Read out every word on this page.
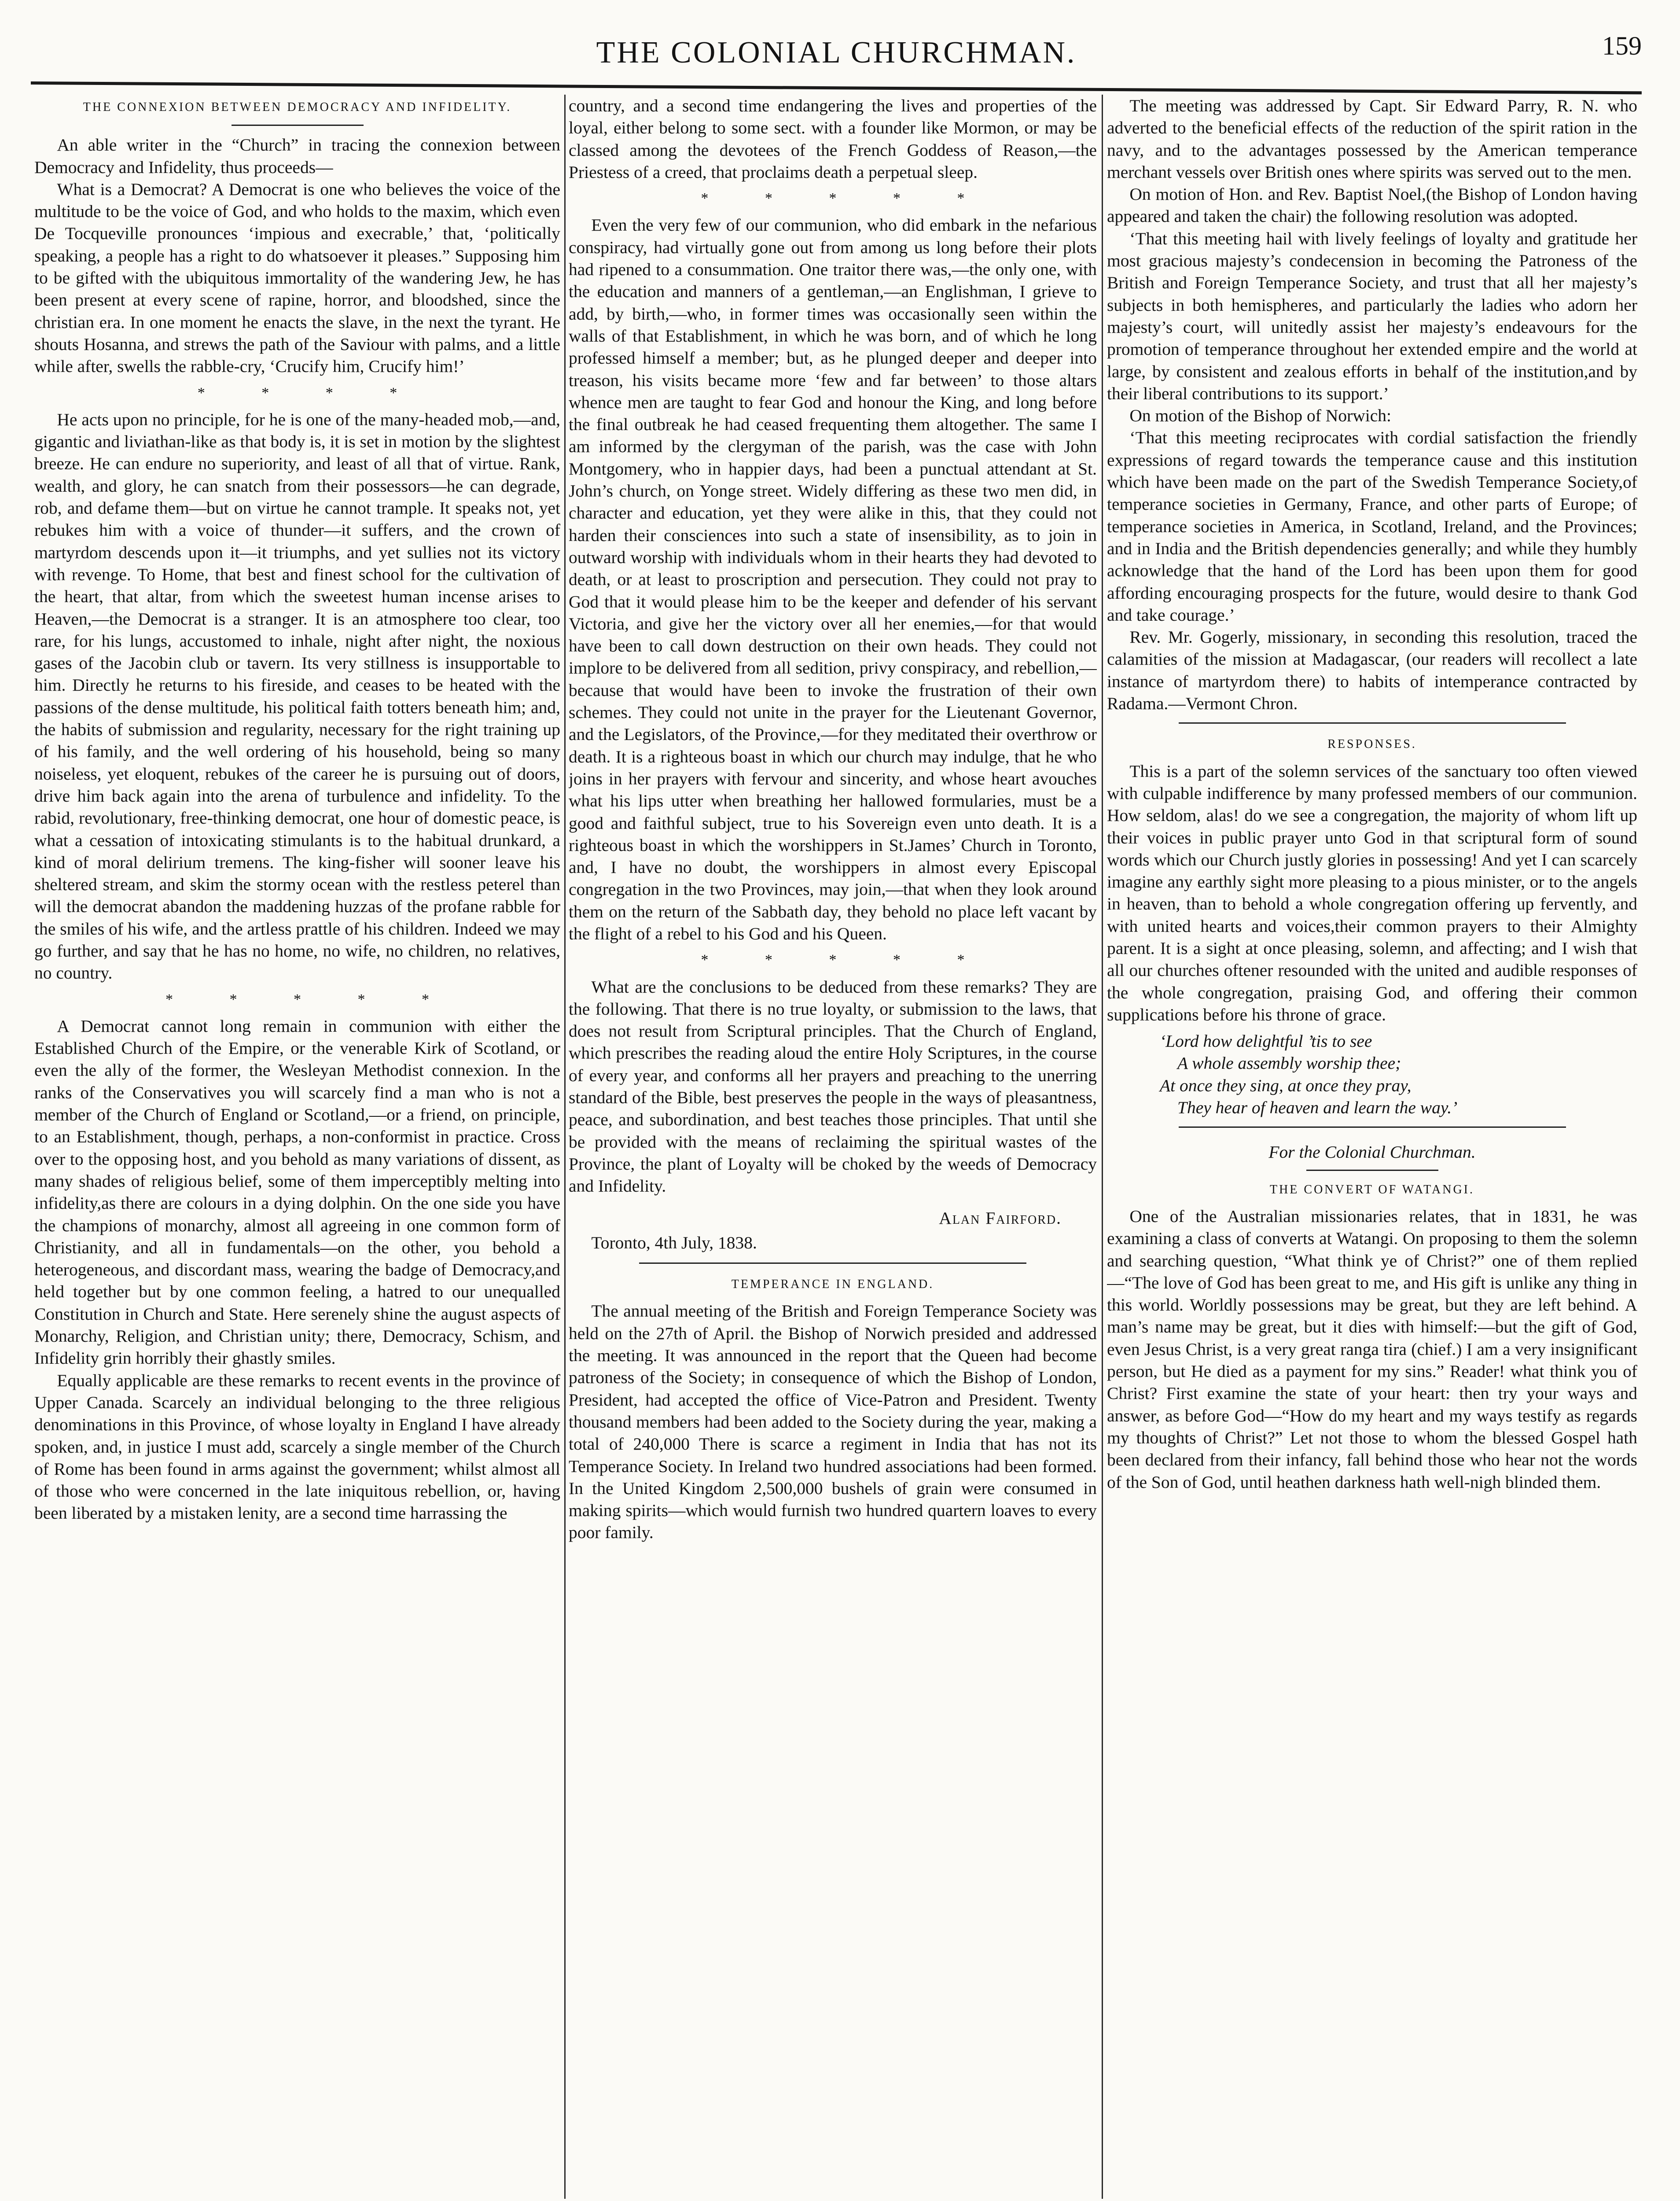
THE COLONIAL CHURCHMAN.	159
THE CONNEXION BETWEEN DEMOCRACY AND INFIDELITY.

An able writer in the “Church” in tracing the connexion between Democracy and Infidelity, thus proceeds—

What is a Democrat? A Democrat is one who believes the voice of the multitude to be the voice of God, and who holds to the maxim, which even De Tocqueville pronounces ‘impious and execrable,’ that, ‘politically speaking, a people has a right to do whatsoever it pleases.” Supposing him to be gifted with the ubiquitous immortality of the wandering Jew, he has been present at every scene of rapine, horror, and bloodshed, since the christian era. In one moment he enacts the slave, in the next the tyrant. He shouts Hosanna, and strews the path of the Saviour with palms, and a little while after, swells the rabble-cry, ‘Crucify him, Crucify him!’

* * * *

He acts upon no principle, for he is one of the many-headed mob,—and, gigantic and liviathan-like as that body is, it is set in motion by the slightest breeze. He can endure no superiority, and least of all that of virtue. Rank, wealth, and glory, he can snatch from their possessors—he can degrade, rob, and defame them—but on virtue he cannot trample. It speaks not, yet rebukes him with a voice of thunder—it suffers, and the crown of martyrdom descends upon it—it triumphs, and yet sullies not its victory with revenge. To Home, that best and finest school for the cultivation of the heart, that altar, from which the sweetest human incense arises to Heaven,—the Democrat is a stranger. It is an atmosphere too clear, too rare, for his lungs, accustomed to inhale, night after night, the noxious gases of the Jacobin club or tavern. Its very stillness is insupportable to him. Directly he returns to his fireside, and ceases to be heated with the passions of the dense multitude, his political faith totters beneath him; and, the habits of submission and regularity, necessary for the right training up of his family, and the well ordering of his household, being so many noiseless, yet eloquent, rebukes of the career he is pursuing out of doors, drive him back again into the arena of turbulence and infidelity. To the rabid, revolutionary, free-thinking democrat, one hour of domestic peace, is what a cessation of intoxicating stimulants is to the habitual drunkard, a kind of moral delirium tremens. The king-fisher will sooner leave his sheltered stream, and skim the stormy ocean with the restless peterel than will the democrat abandon the maddening huzzas of the profane rabble for the smiles of his wife, and the artless prattle of his children. Indeed we may go further, and say that he has no home, no wife, no children, no relatives, no country.

* * * * *

A Democrat cannot long remain in communion with either the Established Church of the Empire, or the venerable Kirk of Scotland, or even the ally of the former, the Wesleyan Methodist connexion. In the ranks of the Conservatives you will scarcely find a man who is not a member of the Church of England or Scotland,—or a friend, on principle, to an Establishment, though, perhaps, a non-conformist in practice. Cross over to the opposing host, and you behold as many variations of dissent, as many shades of religious belief, some of them imperceptibly melting into infidelity,as there are colours in a dying dolphin. On the one side you have the champions of monarchy, almost all agreeing in one common form of Christianity, and all in fundamentals—on the other, you behold a heterogeneous, and discordant mass, wearing the badge of Democracy,and held together but by one common feeling, a hatred to our unequalled Constitution in Church and State. Here serenely shine the august aspects of Monarchy, Religion, and Christian unity; there, Democracy, Schism, and Infidelity grin horribly their ghastly smiles.

Equally applicable are these remarks to recent events in the province of Upper Canada. Scarcely an individual belonging to the three religious denominations in this Province, of whose loyalty in England I have already spoken, and, in justice I must add, scarcely a single member of the Church of Rome has been found in arms against the government; whilst almost all of those who were concerned in the late iniquitous rebellion, or, having been liberated by a mistaken lenity, are a second time harrassing the

country, and a second time endangering the lives and properties of the loyal, either belong to some sect. with a founder like Mormon, or may be classed among the devotees of the French Goddess of Reason,—the Priestess of a creed, that proclaims death a perpetual sleep.

* * * * *

Even the very few of our communion, who did embark in the nefarious conspiracy, had virtually gone out from among us long before their plots had ripened to a consummation. One traitor there was,—the only one, with the education and manners of a gentleman,—an Englishman, I grieve to add, by birth,—who, in former times was occasionally seen within the walls of that Establishment, in which he was born, and of which he long professed himself a member; but, as he plunged deeper and deeper into treason, his visits became more ‘few and far between’ to those altars whence men are taught to fear God and honour the King, and long before the final outbreak he had ceased frequenting them altogether. The same I am informed by the clergyman of the parish, was the case with John Montgomery, who in happier days, had been a punctual attendant at St. John’s church, on Yonge street. Widely differing as these two men did, in character and education, yet they were alike in this, that they could not harden their consciences into such a state of insensibility, as to join in outward worship with individuals whom in their hearts they had devoted to death, or at least to proscription and persecution. They could not pray to God that it would please him to be the keeper and defender of his servant Victoria, and give her the victory over all her enemies,—for that would have been to call down destruction on their own heads. They could not implore to be delivered from all sedition, privy conspiracy, and rebellion,—because that would have been to invoke the frustration of their own schemes. They could not unite in the prayer for the Lieutenant Governor, and the Legislators, of the Province,—for they meditated their overthrow or death. It is a righteous boast in which our church may indulge, that he who joins in her prayers with fervour and sincerity, and whose heart avouches what his lips utter when breathing her hallowed formularies, must be a good and faithful subject, true to his Sovereign even unto death. It is a righteous boast in which the worshippers in St.James’ Church in Toronto, and, I have no doubt, the worshippers in almost every Episcopal congregation in the two Provinces, may join,—that when they look around them on the return of the Sabbath day, they behold no place left vacant by the flight of a rebel to his God and his Queen.

* * * * *

What are the conclusions to be deduced from these remarks? They are the following. That there is no true loyalty, or submission to the laws, that does not result from Scriptural principles. That the Church of England, which prescribes the reading aloud the entire Holy Scriptures, in the course of every year, and conforms all her prayers and preaching to the unerring standard of the Bible, best preserves the people in the ways of pleasantness, peace, and subordination, and best teaches those principles. That until she be provided with the means of reclaiming the spiritual wastes of the Province, the plant of Loyalty will be choked by the weeds of Democracy and Infidelity.

Alan Fairford.
Toronto, 4th July, 1838.
TEMPERANCE IN ENGLAND.

The annual meeting of the British and Foreign Temperance Society was held on the 27th of April. the Bishop of Norwich presided and addressed the meeting. It was announced in the report that the Queen had become patroness of the Society; in consequence of which the Bishop of London, President, had accepted the office of Vice-Patron and President. Twenty thousand members had been added to the Society during the year, making a total of 240,000 There is scarce a regiment in India that has not its Temperance Society. In Ireland two hundred associations had been formed. In the United Kingdom 2,500,000 bushels of grain were consumed in making spirits—which would furnish two hundred quartern loaves to every poor family.

The meeting was addressed by Capt. Sir Edward Parry, R. N. who adverted to the beneficial effects of the reduction of the spirit ration in the navy, and to the advantages possessed by the American temperance merchant vessels over British ones where spirits was served out to the men.

On motion of Hon. and Rev. Baptist Noel,(the Bishop of London having appeared and taken the chair) the following resolution was adopted.

‘That this meeting hail with lively feelings of loyalty and gratitude her most gracious majesty’s condecension in becoming the Patroness of the British and Foreign Temperance Society, and trust that all her majesty’s subjects in both hemispheres, and particularly the ladies who adorn her majesty’s court, will unitedly assist her majesty’s endeavours for the promotion of temperance throughout her extended empire and the world at large, by consistent and zealous efforts in behalf of the institution,and by their liberal contributions to its support.’

On motion of the Bishop of Norwich:

‘That this meeting reciprocates with cordial satisfaction the friendly expressions of regard towards the temperance cause and this institution which have been made on the part of the Swedish Temperance Society,of temperance societies in Germany, France, and other parts of Europe; of temperance societies in America, in Scotland, Ireland, and the Provinces; and in India and the British dependencies generally; and while they humbly acknowledge that the hand of the Lord has been upon them for good affording encouraging prospects for the future, would desire to thank God and take courage.’

Rev. Mr. Gogerly, missionary, in seconding this resolution, traced the calamities of the mission at Madagascar, (our readers will recollect a late instance of martyrdom there) to habits of intemperance contracted by Radama.—Vermont Chron.

RESPONSES.

This is a part of the solemn services of the sanctuary too often viewed with culpable indifference by many professed members of our communion. How seldom, alas! do we see a congregation, the majority of whom lift up their voices in public prayer unto God in that scriptural form of sound words which our Church justly glories in possessing! And yet I can scarcely imagine any earthly sight more pleasing to a pious minister, or to the angels in heaven, than to behold a whole congregation offering up fervently, and with united hearts and voices,their common prayers to their Almighty parent. It is a sight at once pleasing, solemn, and affecting; and I wish that all our churches oftener resounded with the united and audible responses of the whole congregation, praising God, and offering their common supplications before his throne of grace.

‘Lord how delightful ’tis to see
A whole assembly worship thee;
At once they sing, at once they pray,
They hear of heaven and learn the way.’
For the Colonial Churchman.
THE CONVERT OF WATANGI.

One of the Australian missionaries relates, that in 1831, he was examining a class of converts at Watangi. On proposing to them the solemn and searching question, “What think ye of Christ?” one of them replied—“The love of God has been great to me, and His gift is unlike any thing in this world. Worldly possessions may be great, but they are left behind. A man’s name may be great, but it dies with himself:—but the gift of God, even Jesus Christ, is a very great ranga tira (chief.) I am a very insignificant person, but He died as a payment for my sins.” Reader! what think you of Christ? First examine the state of your heart: then try your ways and answer, as before God—“How do my heart and my ways testify as regards my thoughts of Christ?” Let not those to whom the blessed Gospel hath been declared from their infancy, fall behind those who hear not the words of the Son of God, until heathen darkness hath well-nigh blinded them.
